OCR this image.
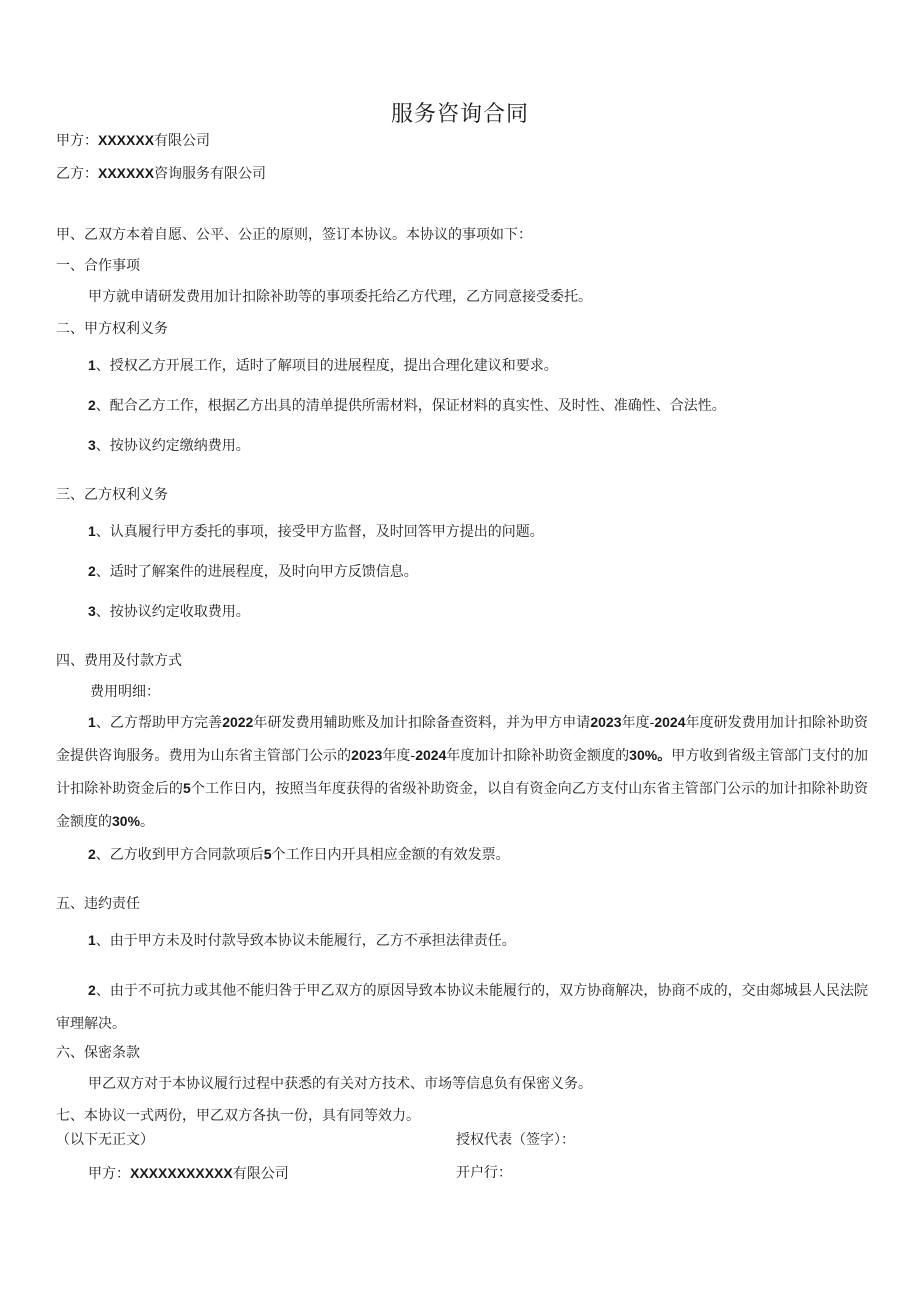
服务咨询合同
甲方：XXXXXX有限公司
乙方：XXXXXX咨询服务有限公司
甲、乙双方本着自愿、公平、公正的原则，签订本协议。本协议的事项如下：
一、合作事项
甲方就申请研发费用加计扣除补助等的事项委托给乙方代理，乙方同意接受委托。
二、甲方权利义务
1、授权乙方开展工作，适时了解项目的进展程度，提出合理化建议和要求。
2、配合乙方工作，根据乙方出具的清单提供所需材料，保证材料的真实性、及时性、准确性、合法性。
3、按协议约定缴纳费用。
三、乙方权利义务
1、认真履行甲方委托的事项，接受甲方监督，及时回答甲方提出的问题。
2、适时了解案件的进展程度，及时向甲方反馈信息。
3、按协议约定收取费用。
四、费用及付款方式
费用明细：
1、乙方帮助甲方完善2022年研发费用辅助账及加计扣除备查资料，并为甲方申请2023年度-2024年度研发费用加计扣除补助资金提供咨询服务。费用为山东省主管部门公示的2023年度-2024年度加计扣除补助资金额度的30%。甲方收到省级主管部门支付的加计扣除补助资金后的5个工作日内，按照当年度获得的省级补助资金，以自有资金向乙方支付山东省主管部门公示的加计扣除补助资金额度的30%。
2、乙方收到甲方合同款项后5个工作日内开具相应金额的有效发票。
五、违约责任
1、由于甲方未及时付款导致本协议未能履行，乙方不承担法律责任。
2、由于不可抗力或其他不能归咎于甲乙双方的原因导致本协议未能履行的，双方协商解决，协商不成的，交由郯城县人民法院审理解决。
六、保密条款
甲乙双方对于本协议履行过程中获悉的有关对方技术、市场等信息负有保密义务。
七、本协议一式两份，甲乙双方各执一份，具有同等效力。
（以下无正文）	授权代表（签字）：
甲方：XXXXXXXXXXX有限公司	开户行：
